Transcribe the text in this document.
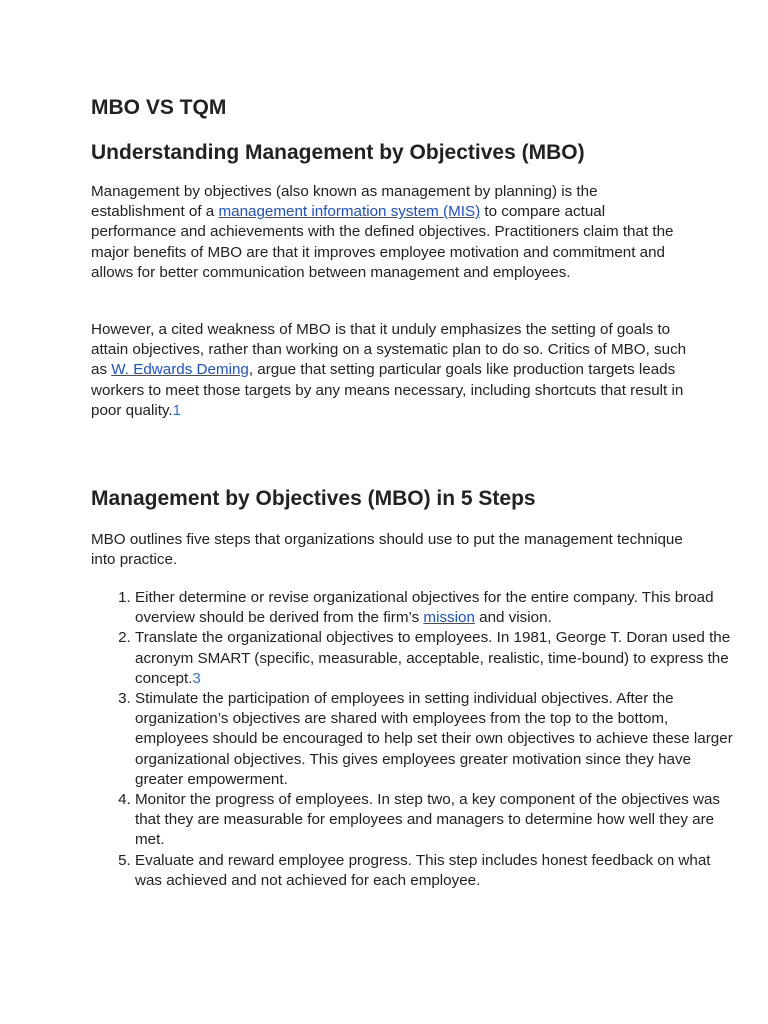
MBO VS TQM
Understanding Management by Objectives (MBO)

Management by objectives (also known as management by planning) is the establishment of a management information system (MIS) to compare actual performance and achievements with the defined objectives. Practitioners claim that the major benefits of MBO are that it improves employee motivation and commitment and allows for better communication between management and employees.

However, a cited weakness of MBO is that it unduly emphasizes the setting of goals to attain objectives, rather than working on a systematic plan to do so. Critics of MBO, such as W. Edwards Deming, argue that setting particular goals like production targets leads workers to meet those targets by any means necessary, including shortcuts that result in poor quality.1

Management by Objectives (MBO) in 5 Steps

MBO outlines five steps that organizations should use to put the management technique into practice.

1. Either determine or revise organizational objectives for the entire company. This broad overview should be derived from the firm’s mission and vision.
2. Translate the organizational objectives to employees. In 1981, George T. Doran used the acronym SMART (specific, measurable, acceptable, realistic, time-bound) to express the concept.3
3. Stimulate the participation of employees in setting individual objectives. After the organization’s objectives are shared with employees from the top to the bottom, employees should be encouraged to help set their own objectives to achieve these larger organizational objectives. This gives employees greater motivation since they have greater empowerment.
4. Monitor the progress of employees. In step two, a key component of the objectives was that they are measurable for employees and managers to determine how well they are met.
5. Evaluate and reward employee progress. This step includes honest feedback on what was achieved and not achieved for each employee.
